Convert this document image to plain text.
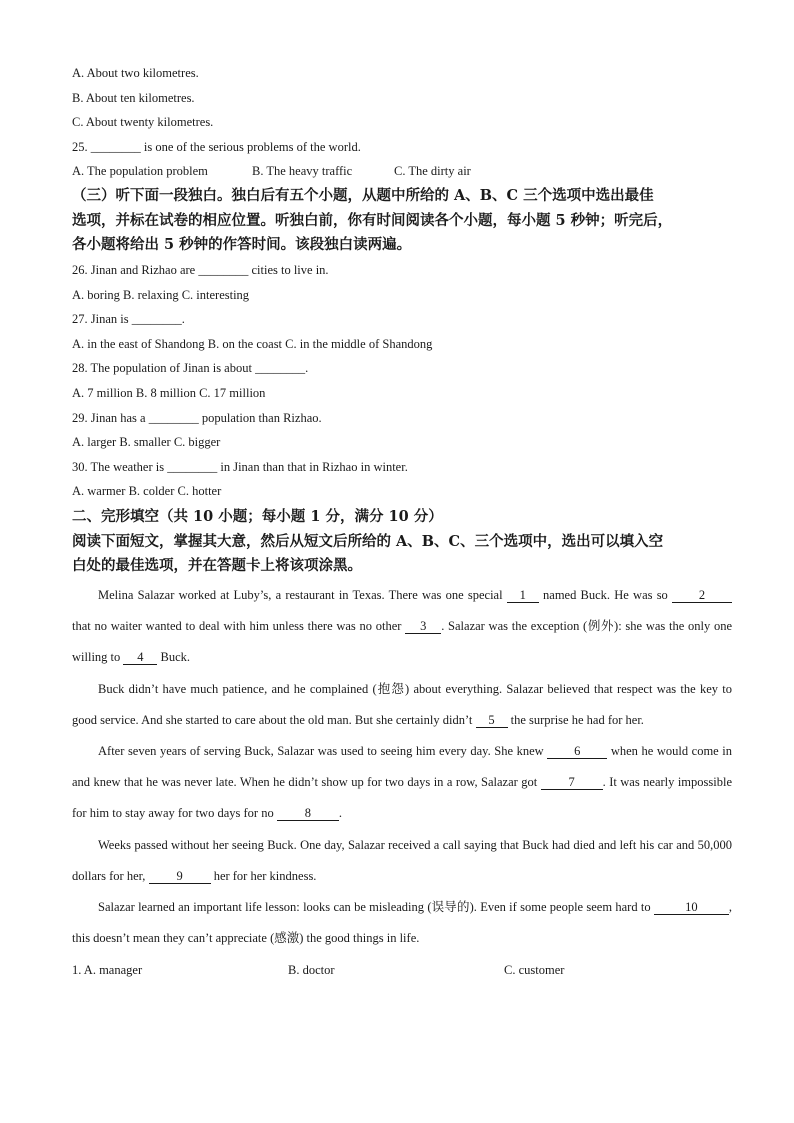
A. About two kilometres.
B. About ten kilometres.
C. About twenty kilometres.
25. ________ is one of the serious problems of the world.
A. The population problem	B. The heavy traffic	C. The dirty air
（三）听下面一段独白。独白后有五个小题，从题中所给的 A、B、C 三个选项中选出最佳
选项，并标在试卷的相应位置。听独白前，你有时间阅读各个小题，每小题 5 秒钟；听完后，
各小题将给出 5 秒钟的作答时间。该段独白读两遍。
26. Jinan and Rizhao are ________ cities to live in.
A. boring B. relaxing C. interesting
27. Jinan is ________.
A. in the east of Shandong B. on the coast C. in the middle of Shandong
28. The population of Jinan is about ________.
A. 7 million B. 8 million C. 17 million
29. Jinan has a ________ population than Rizhao.
A. larger B. smaller C. bigger
30. The weather is ________ in Jinan than that in Rizhao in winter.
A. warmer B. colder C. hotter
二、完形填空（共 10 小题；每小题 1 分，满分 10 分）
阅读下面短文，掌握其大意，然后从短文后所给的 A、B、C、三个选项中，选出可以填入空
白处的最佳选项，并在答题卡上将该项涂黑。
Melina Salazar worked at Luby’s, a restaurant in Texas. There was one special 1 named Buck. He was so 2 that no waiter wanted to deal with him unless there was no other 3 . Salazar was the exception (例外): she was the only one willing to 4 Buck.
Buck didn’t have much patience, and he complained (抱怨) about everything. Salazar believed that respect was the key to good service. And she started to care about the old man. But she certainly didn’t 5 the surprise he had for her.
After seven years of serving Buck, Salazar was used to seeing him every day. She knew 6 when he would come in and knew that he was never late. When he didn’t show up for two days in a row, Salazar got	7 . It was nearly impossible for him to stay away for two days for no 8 .
Weeks passed without her seeing Buck. One day, Salazar received a call saying that Buck had died and left his car and 50,000 dollars for her, 9 her for her kindness.
Salazar learned an important life lesson: looks can be misleading (误导的). Even if some people seem hard to	10	, this doesn’t mean they can’t appreciate (感激) the good things in life.
1. A. manager	B. doctor	C. customer
